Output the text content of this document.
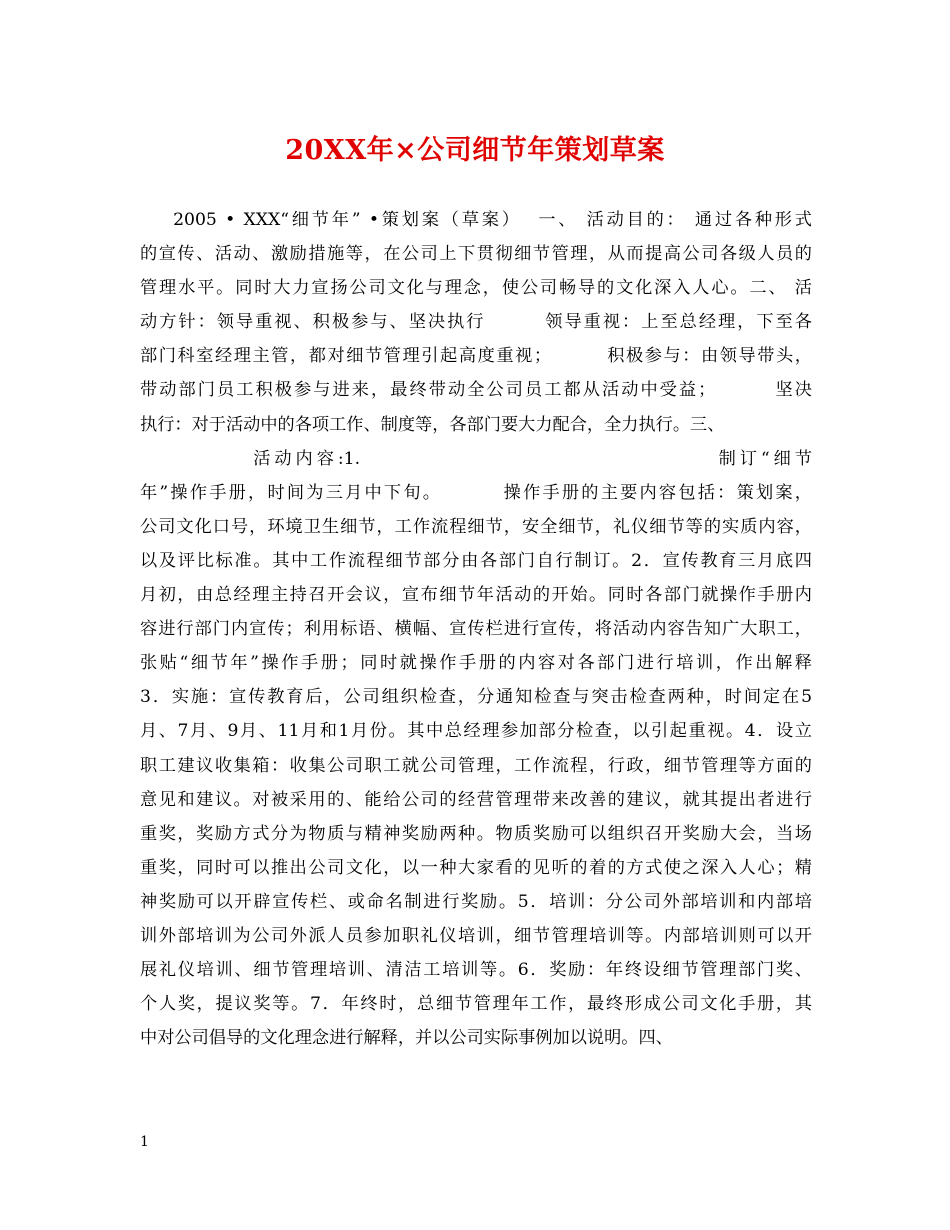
20XX年×公司细节年策划草案
2005 • XXX“细节年” •策划案（草案）  一、 活动目的： 通过各种形式
的宣传、活动、激励措施等，在公司上下贯彻细节管理，从而提高公司各级人员的
管理水平。同时大力宣扬公司文化与理念，使公司畅导的文化深入人心。二、 活
动方针：领导重视、积极参与、坚决执行        领导重视：上至总经理，下至各
部门科室经理主管，都对细节管理引起高度重视；        积极参与：由领导带头，
带动部门员工积极参与进来，最终带动全公司员工都从活动中受益；        坚决
执行：对于活动中的各项工作、制度等，各部门要大力配合，全力执行。三、
活动内容:1.                                      制订“细节
年”操作手册，时间为三月中下旬。        操作手册的主要内容包括：策划案，
公司文化口号，环境卫生细节，工作流程细节，安全细节，礼仪细节等的实质内容，
以及评比标准。其中工作流程细节部分由各部门自行制订。2．宣传教育三月底四
月初，由总经理主持召开会议，宣布细节年活动的开始。同时各部门就操作手册内
容进行部门内宣传；利用标语、横幅、宣传栏进行宣传，将活动内容告知广大职工，
张贴“细节年”操作手册；同时就操作手册的内容对各部门进行培训，作出解释
3．实施：宣传教育后，公司组织检查，分通知检查与突击检查两种，时间定在5
月、7月、9月、11月和1月份。其中总经理参加部分检查，以引起重视。4．设立
职工建议收集箱：收集公司职工就公司管理，工作流程，行政，细节管理等方面的
意见和建议。对被采用的、能给公司的经营管理带来改善的建议，就其提出者进行
重奖，奖励方式分为物质与精神奖励两种。物质奖励可以组织召开奖励大会，当场
重奖，同时可以推出公司文化，以一种大家看的见听的着的方式使之深入人心；精
神奖励可以开辟宣传栏、或命名制进行奖励。5．培训：分公司外部培训和内部培
训外部培训为公司外派人员参加职礼仪培训，细节管理培训等。内部培训则可以开
展礼仪培训、细节管理培训、清洁工培训等。6．奖励：年终设细节管理部门奖、
个人奖，提议奖等。7．年终时，总细节管理年工作，最终形成公司文化手册，其
中对公司倡导的文化理念进行解释，并以公司实际事例加以说明。四、
1
